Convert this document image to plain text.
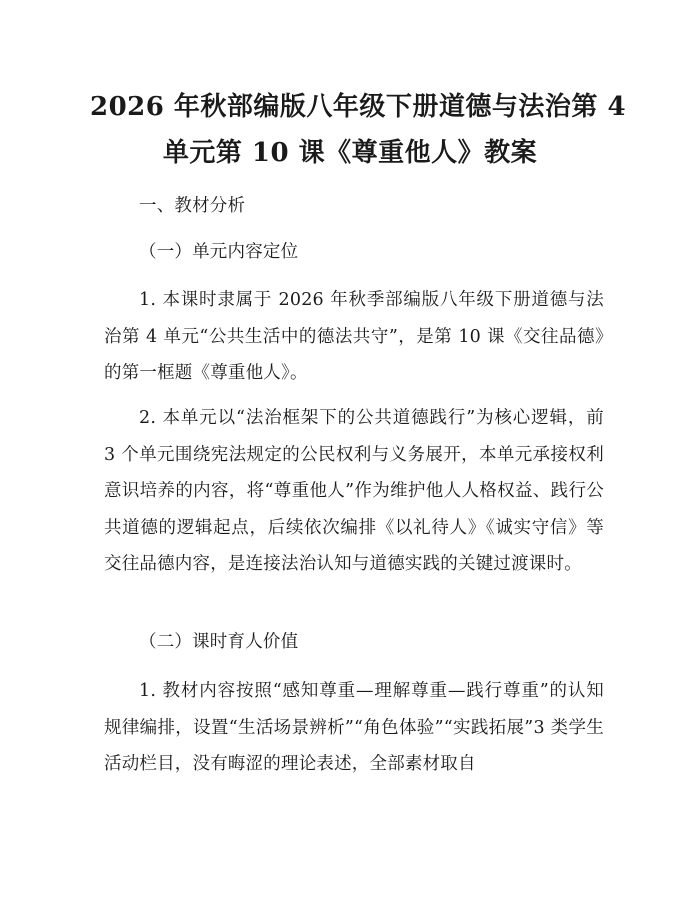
2026 年秋部编版八年级下册道德与法治第 4
单元第 10 课《尊重他人》教案
一、教材分析
（一）单元内容定位
1. 本课时隶属于 2026 年秋季部编版八年级下册道德与法治第 4 单元“公共生活中的德法共守”，是第 10 课《交往品德》的第一框题《尊重他人》。
2. 本单元以“法治框架下的公共道德践行”为核心逻辑，前 3 个单元围绕宪法规定的公民权利与义务展开，本单元承接权利意识培养的内容，将“尊重他人”作为维护他人人格权益、践行公共道德的逻辑起点，后续依次编排《以礼待人》《诚实守信》等交往品德内容，是连接法治认知与道德实践的关键过渡课时。
（二）课时育人价值
1. 教材内容按照“感知尊重—理解尊重—践行尊重”的认知规律编排，设置“生活场景辨析”“角色体验”“实践拓展”3 类学生活动栏目，没有晦涩的理论表述，全部素材取自
